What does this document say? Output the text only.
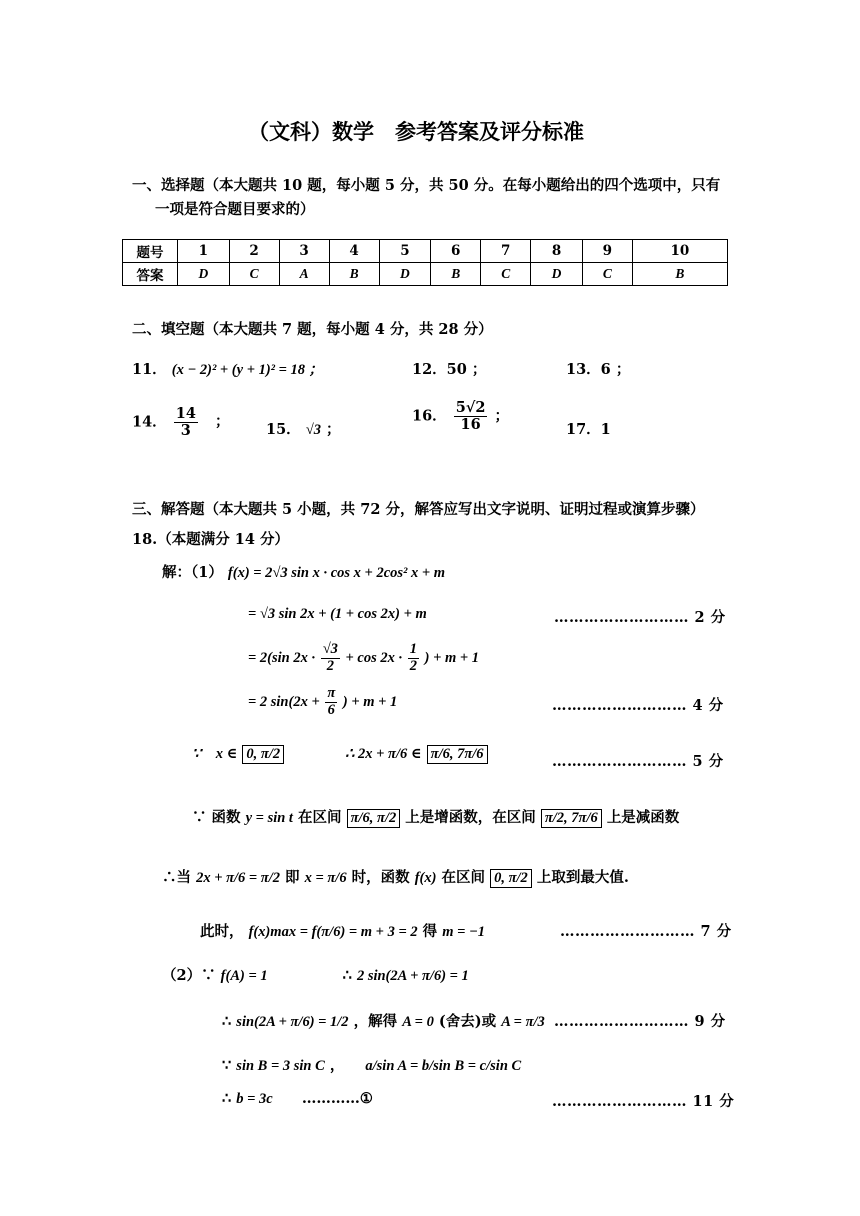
（文科）数学　参考答案及评分标准
一、选择题（本大题共 10 题，每小题 5 分，共 50 分。在每小题给出的四个选项中，只有
一项是符合题目要求的）
题号	1	2	3	4	5	6	7	8	9	10
答案	D	C	A	B	D	B	C	D	C	B
二、填空题（本大题共 7 题，每小题 4 分，共 28 分）
11． (x − 2)² + (y + 1)² = 18 ；	12．50 ；	13．6 ；
14． $\frac{14}{3}$ ；	15． √3 ；
16． $\frac{5√2}{16}$ ；
17．1
三、解答题（本大题共 5 小题，共 72 分，解答应写出文字说明、证明过程或演算步骤）
18.（本题满分 14 分）
解：（1） f(x) = 2√3 sin x · cos x + 2cos² x + m
= √3 sin 2x + (1 + cos 2x) + m	……………………… 2 分
= 2(sin $2x \cdot \frac{√3}{2} + \cos 2x \cdot \frac{1}{2}$ ) + m + 1
= 2 $\sin(2x + \frac{\pi}{6}$ ) + m + 1	……………………… 4 分
∵　x ∈ 0, π/2	∴ 2x + π/6 ∈ π/6, 7π/6	……………………… 5 分
∵ 函数 y = sin t 在区间 π/6, π/2 上是增函数，在区间 π/2, 7π/6 上是减函数
∴当 2x + π/6 = π/2 即 x = π/6 时，函数 f(x) 在区间 0, π/2 上取到最大值.
此时， f(x)max = f(π/6) = m + 3 = 2 得 m = −1	……………………… 7 分
（2）∵ f(A) = 1	∴ 2 sin(2A + π/6) = 1
∴ sin(2A + π/6) = 1/2 ，解得 A = 0 (舍去)或 A = π/3 ……………………… 9 分
∵ sin B = 3 sin C ， a/sin A = b/sin B = c/sin C
∴ b = 3c …………①	……………………… 11 分
